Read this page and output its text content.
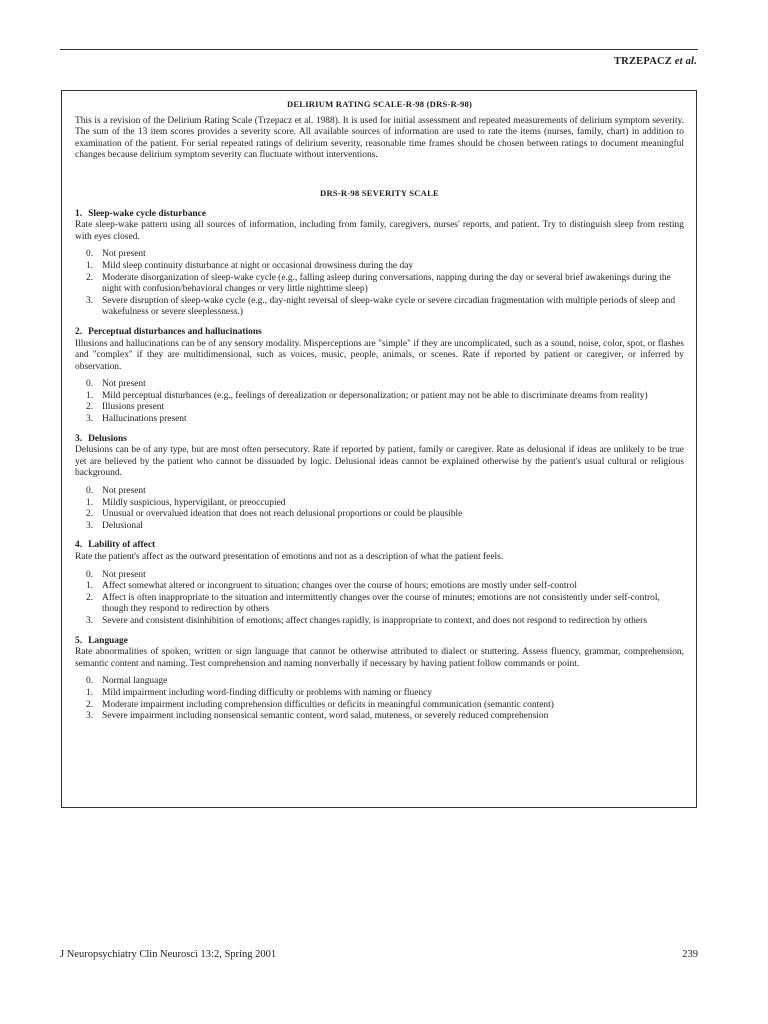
TRZEPACZ et al.
DELIRIUM RATING SCALE-R-98 (DRS-R-98)

This is a revision of the Delirium Rating Scale (Trzepacz et al. 1988). It is used for initial assessment and repeated measurements of delirium symptom severity. The sum of the 13 item scores provides a severity score. All available sources of information are used to rate the items (nurses, family, chart) in addition to examination of the patient. For serial repeated ratings of delirium severity, reasonable time frames should be chosen between ratings to document meaningful changes because delirium symptom severity can fluctuate without interventions.

DRS-R-98 SEVERITY SCALE
1. Sleep-wake cycle disturbance

Rate sleep-wake pattern using all sources of information, including from family, caregivers, nurses' reports, and patient. Try to distinguish sleep from resting with eyes closed.

0. Not present
1. Mild sleep continuity disturbance at night or occasional drowsiness during the day
2. Moderate disorganization of sleep-wake cycle (e.g., falling asleep during conversations, napping during the day or several brief awakenings during the night with confusion/behavioral changes or very little nighttime sleep)
3. Severe disruption of sleep-wake cycle (e.g., day-night reversal of sleep-wake cycle or severe circadian fragmentation with multiple periods of sleep and wakefulness or severe sleeplessness.)
2. Perceptual disturbances and hallucinations

Illusions and hallucinations can be of any sensory modality. Misperceptions are "simple" if they are uncomplicated, such as a sound, noise, color, spot, or flashes and ''complex'' if they are multidimensional, such as voices, music, people, animals, or scenes. Rate if reported by patient or caregiver, or inferred by observation.

0. Not present
1. Mild perceptual disturbances (e.g., feelings of derealization or depersonalization; or patient may not be able to discriminate dreams from reality)
2. Illusions present
3. Hallucinations present
3. Delusions

Delusions can be of any type, but are most often persecutory. Rate if reported by patient, family or caregiver. Rate as delusional if ideas are unlikely to be true yet are believed by the patient who cannot be dissuaded by logic. Delusional ideas cannot be explained otherwise by the patient's usual cultural or religious background.

0. Not present
1. Mildly suspicious, hypervigilant, or preoccupied
2. Unusual or overvalued ideation that does not reach delusional proportions or could be plausible
3. Delusional
4. Lability of affect

Rate the patient's affect as the outward presentation of emotions and not as a description of what the patient feels.

0. Not present
1. Affect somewhat altered or incongruent to situation; changes over the course of hours; emotions are mostly under self-control
2. Affect is often inappropriate to the situation and intermittently changes over the course of minutes; emotions are not consistently under self-control, though they respond to redirection by others
3. Severe and consistent disinhibition of emotions; affect changes rapidly, is inappropriate to context, and does not respond to redirection by others
5. Language

Rate abnormalities of spoken, written or sign language that cannot be otherwise attributed to dialect or stuttering. Assess fluency, grammar, comprehension, semantic content and naming. Test comprehension and naming nonverbally if necessary by having patient follow commands or point.

0. Normal language
1. Mild impairment including word-finding difficulty or problems with naming or fluency
2. Moderate impairment including comprehension difficulties or deficits in meaningful communication (semantic content)
3. Severe impairment including nonsensical semantic content, word salad, muteness, or severely reduced comprehension
J Neuropsychiatry Clin Neurosci 13:2, Spring 2001	239
